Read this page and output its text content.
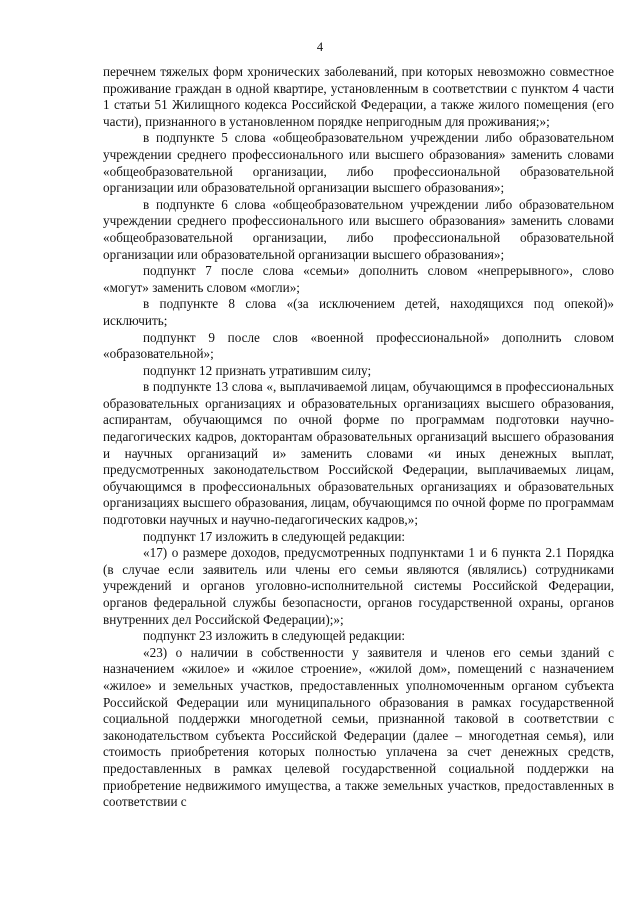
4

перечнем тяжелых форм хронических заболеваний, при которых невозможно совместное проживание граждан в одной квартире, установленным в соответствии с пунктом 4 части 1 статьи 51 Жилищного кодекса Российской Федерации, а также жилого помещения (его части), признанного в установленном порядке непригодным для проживания;»;

в подпункте 5 слова «общеобразовательном учреждении либо образовательном учреждении среднего профессионального или высшего образования» заменить словами «общеобразовательной организации, либо профессиональной образовательной организации или образовательной организации высшего образования»;

в подпункте 6 слова «общеобразовательном учреждении либо образовательном учреждении среднего профессионального или высшего образования» заменить словами «общеобразовательной организации, либо профессиональной образовательной организации или образовательной организации высшего образования»;

подпункт 7 после слова «семьи» дополнить словом «непрерывного», слово «могут» заменить словом «могли»;

в подпункте 8 слова «(за исключением детей, находящихся под опекой)» исключить;

подпункт 9 после слов «военной профессиональной» дополнить словом «образовательной»;

подпункт 12 признать утратившим силу;

в подпункте 13 слова «, выплачиваемой лицам, обучающимся в профессиональных образовательных организациях и образовательных организациях высшего образования, аспирантам, обучающимся по очной форме по программам подготовки научно-педагогических кадров, докторантам образовательных организаций высшего образования и научных организаций и» заменить словами «и иных денежных выплат, предусмотренных законодательством Российской Федерации, выплачиваемых лицам, обучающимся в профессиональных образовательных организациях и образовательных организациях высшего образования, лицам, обучающимся по очной форме по программам подготовки научных и научно-педагогических кадров,»;

подпункт 17 изложить в следующей редакции:

«17) о размере доходов, предусмотренных подпунктами 1 и 6 пункта 2.1 Порядка (в случае если заявитель или члены его семьи являются (являлись) сотрудниками учреждений и органов уголовно-исполнительной системы Российской Федерации, органов федеральной службы безопасности, органов государственной охраны, органов внутренних дел Российской Федерации);»;

подпункт 23 изложить в следующей редакции:

«23) о наличии в собственности у заявителя и членов его семьи зданий с назначением «жилое» и «жилое строение», «жилой дом», помещений с назначением «жилое» и земельных участков, предоставленных уполномоченным органом субъекта Российской Федерации или муниципального образования в рамках государственной социальной поддержки многодетной семьи, признанной таковой в соответствии с законодательством субъекта Российской Федерации (далее – многодетная семья), или стоимость приобретения которых полностью уплачена за счет денежных средств, предоставленных в рамках целевой государственной социальной поддержки на приобретение недвижимого имущества, а также земельных участков, предоставленных в соответствии с
